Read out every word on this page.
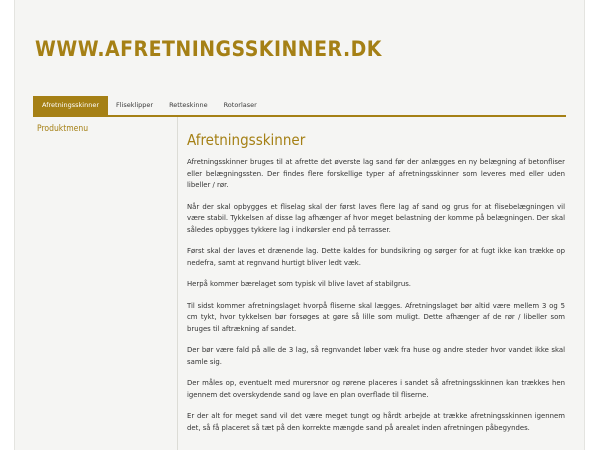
WWW.AFRETNINGSSKINNER.DK
Afretningsskinner	Fliseklipper	Retteskinne	Rotorlaser
Produktmenu
Afretningsskinner

Afretningsskinner bruges til at afrette det øverste lag sand før der anlægges en ny belægning af betonfliser eller belægningssten. Der findes flere forskellige typer af afretningsskinner som leveres med eller uden libeller / rør.

Når der skal opbygges et fliselag skal der først laves flere lag af sand og grus for at flisebelægningen vil være stabil. Tykkelsen af disse lag afhænger af hvor meget belastning der komme på belægningen. Der skal således opbygges tykkere lag i indkørsler end på terrasser.

Først skal der laves et drænende lag. Dette kaldes for bundsikring og sørger for at fugt ikke kan trække op nedefra, samt at regnvand hurtigt bliver ledt væk.

Herpå kommer bærelaget som typisk vil blive lavet af stabilgrus.

Til sidst kommer afretningslaget hvorpå fliserne skal lægges. Afretningslaget bør altid være mellem 3 og 5 cm tykt, hvor tykkelsen bør forsøges at gøre så lille som muligt. Dette afhænger af de rør / libeller som bruges til aftrækning af sandet.

Der bør være fald på alle de 3 lag, så regnvandet løber væk fra huse og andre steder hvor vandet ikke skal samle sig.

Der måles op, eventuelt med murersnor og rørene placeres i sandet så afretningsskinnen kan trækkes hen igennem det overskydende sand og lave en plan overflade til fliserne.

Er der alt for meget sand vil det være meget tungt og hårdt arbejde at trække afretningsskinnen igennem det, så få placeret så tæt på den korrekte mængde sand på arealet inden afretningen påbegyndes.
